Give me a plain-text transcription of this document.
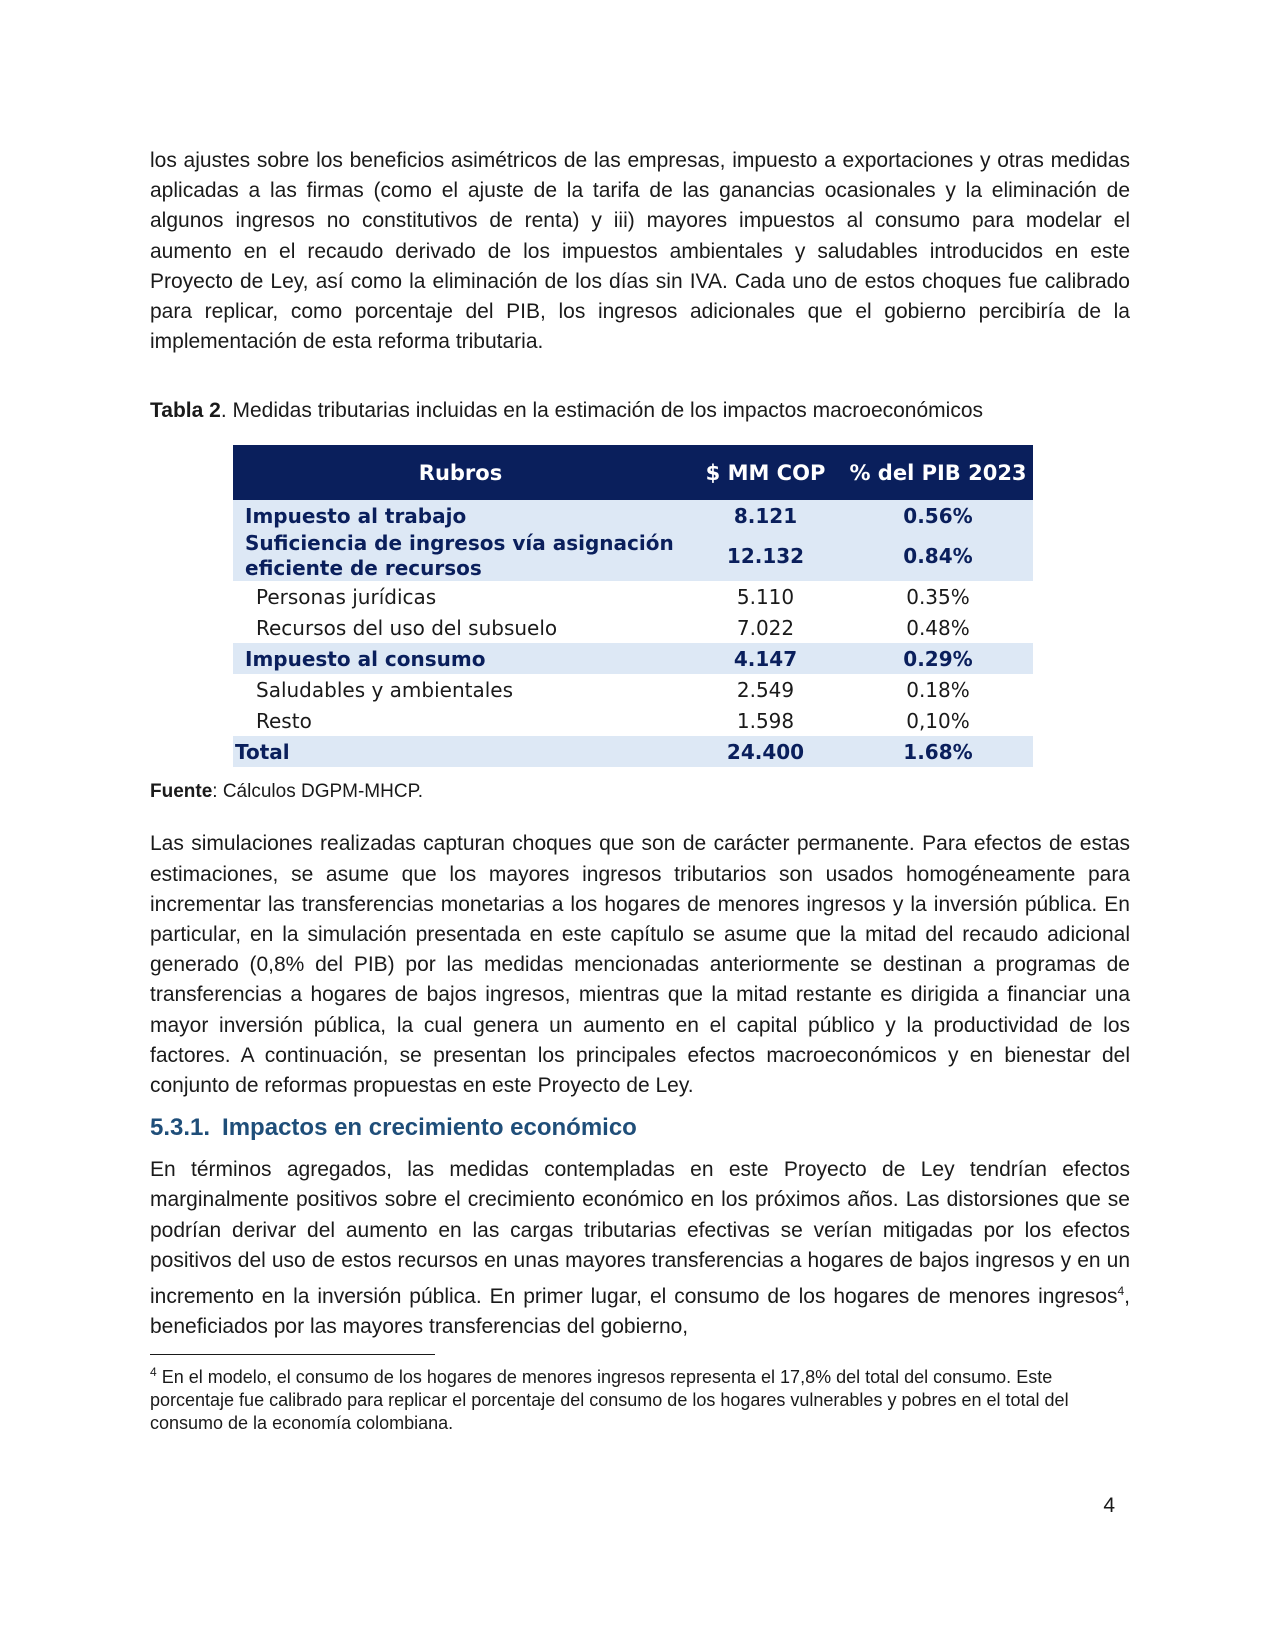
los ajustes sobre los beneficios asimétricos de las empresas, impuesto a exportaciones y otras medidas aplicadas a las firmas (como el ajuste de la tarifa de las ganancias ocasionales y la eliminación de algunos ingresos no constitutivos de renta) y iii) mayores impuestos al consumo para modelar el aumento en el recaudo derivado de los impuestos ambientales y saludables introducidos en este Proyecto de Ley, así como la eliminación de los días sin IVA. Cada uno de estos choques fue calibrado para replicar, como porcentaje del PIB, los ingresos adicionales que el gobierno percibiría de la implementación de esta reforma tributaria.

Tabla 2. Medidas tributarias incluidas en la estimación de los impactos macroeconómicos

Rubros	$ MM COP	% del PIB 2023
Impuesto al trabajo	8.121	0.56%
Suficiencia de ingresos vía asignación eficiente de recursos	12.132	0.84%
Personas jurídicas	5.110	0.35%
Recursos del uso del subsuelo	7.022	0.48%
Impuesto al consumo	4.147	0.29%
Saludables y ambientales	2.549	0.18%
Resto	1.598	0,10%
Total	24.400	1.68%

Fuente: Cálculos DGPM-MHCP.

Las simulaciones realizadas capturan choques que son de carácter permanente. Para efectos de estas estimaciones, se asume que los mayores ingresos tributarios son usados homogéneamente para incrementar las transferencias monetarias a los hogares de menores ingresos y la inversión pública. En particular, en la simulación presentada en este capítulo se asume que la mitad del recaudo adicional generado (0,8% del PIB) por las medidas mencionadas anteriormente se destinan a programas de transferencias a hogares de bajos ingresos, mientras que la mitad restante es dirigida a financiar una mayor inversión pública, la cual genera un aumento en el capital público y la productividad de los factores. A continuación, se presentan los principales efectos macroeconómicos y en bienestar del conjunto de reformas propuestas en este Proyecto de Ley.

5.3.1. Impactos en crecimiento económico

En términos agregados, las medidas contempladas en este Proyecto de Ley tendrían efectos marginalmente positivos sobre el crecimiento económico en los próximos años. Las distorsiones que se podrían derivar del aumento en las cargas tributarias efectivas se verían mitigadas por los efectos positivos del uso de estos recursos en unas mayores transferencias a hogares de bajos ingresos y en un incremento en la inversión pública. En primer lugar, el consumo de los hogares de menores ingresos$^4$, beneficiados por las mayores transferencias del gobierno,

$^4$ En el modelo, el consumo de los hogares de menores ingresos representa el 17,8% del total del consumo. Este porcentaje fue calibrado para replicar el porcentaje del consumo de los hogares vulnerables y pobres en el total del consumo de la economía colombiana.

4
